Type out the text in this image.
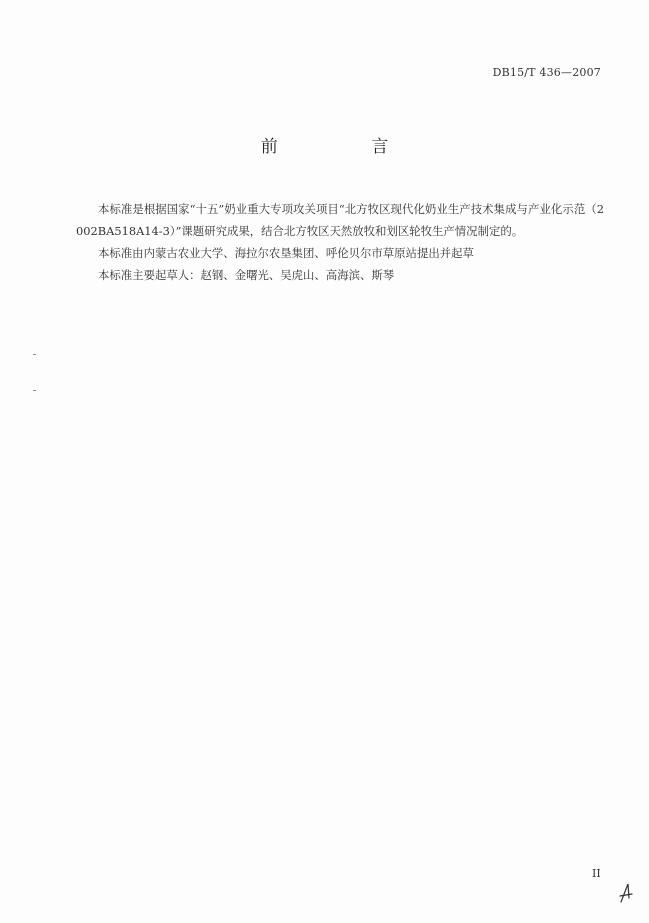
DB15/T 436—2007
前 言

本标准是根据国家“十五”奶业重大专项攻关项目“北方牧区现代化奶业生产技术集成与产业化示范（2002BA518A14-3）”课题研究成果，结合北方牧区天然放牧和划区轮牧生产情况制定的。

本标准由内蒙古农业大学、海拉尔农垦集团、呼伦贝尔市草原站提出并起草

本标准主要起草人：赵钢、金曙光、吴虎山、高海滨、斯琴

II
